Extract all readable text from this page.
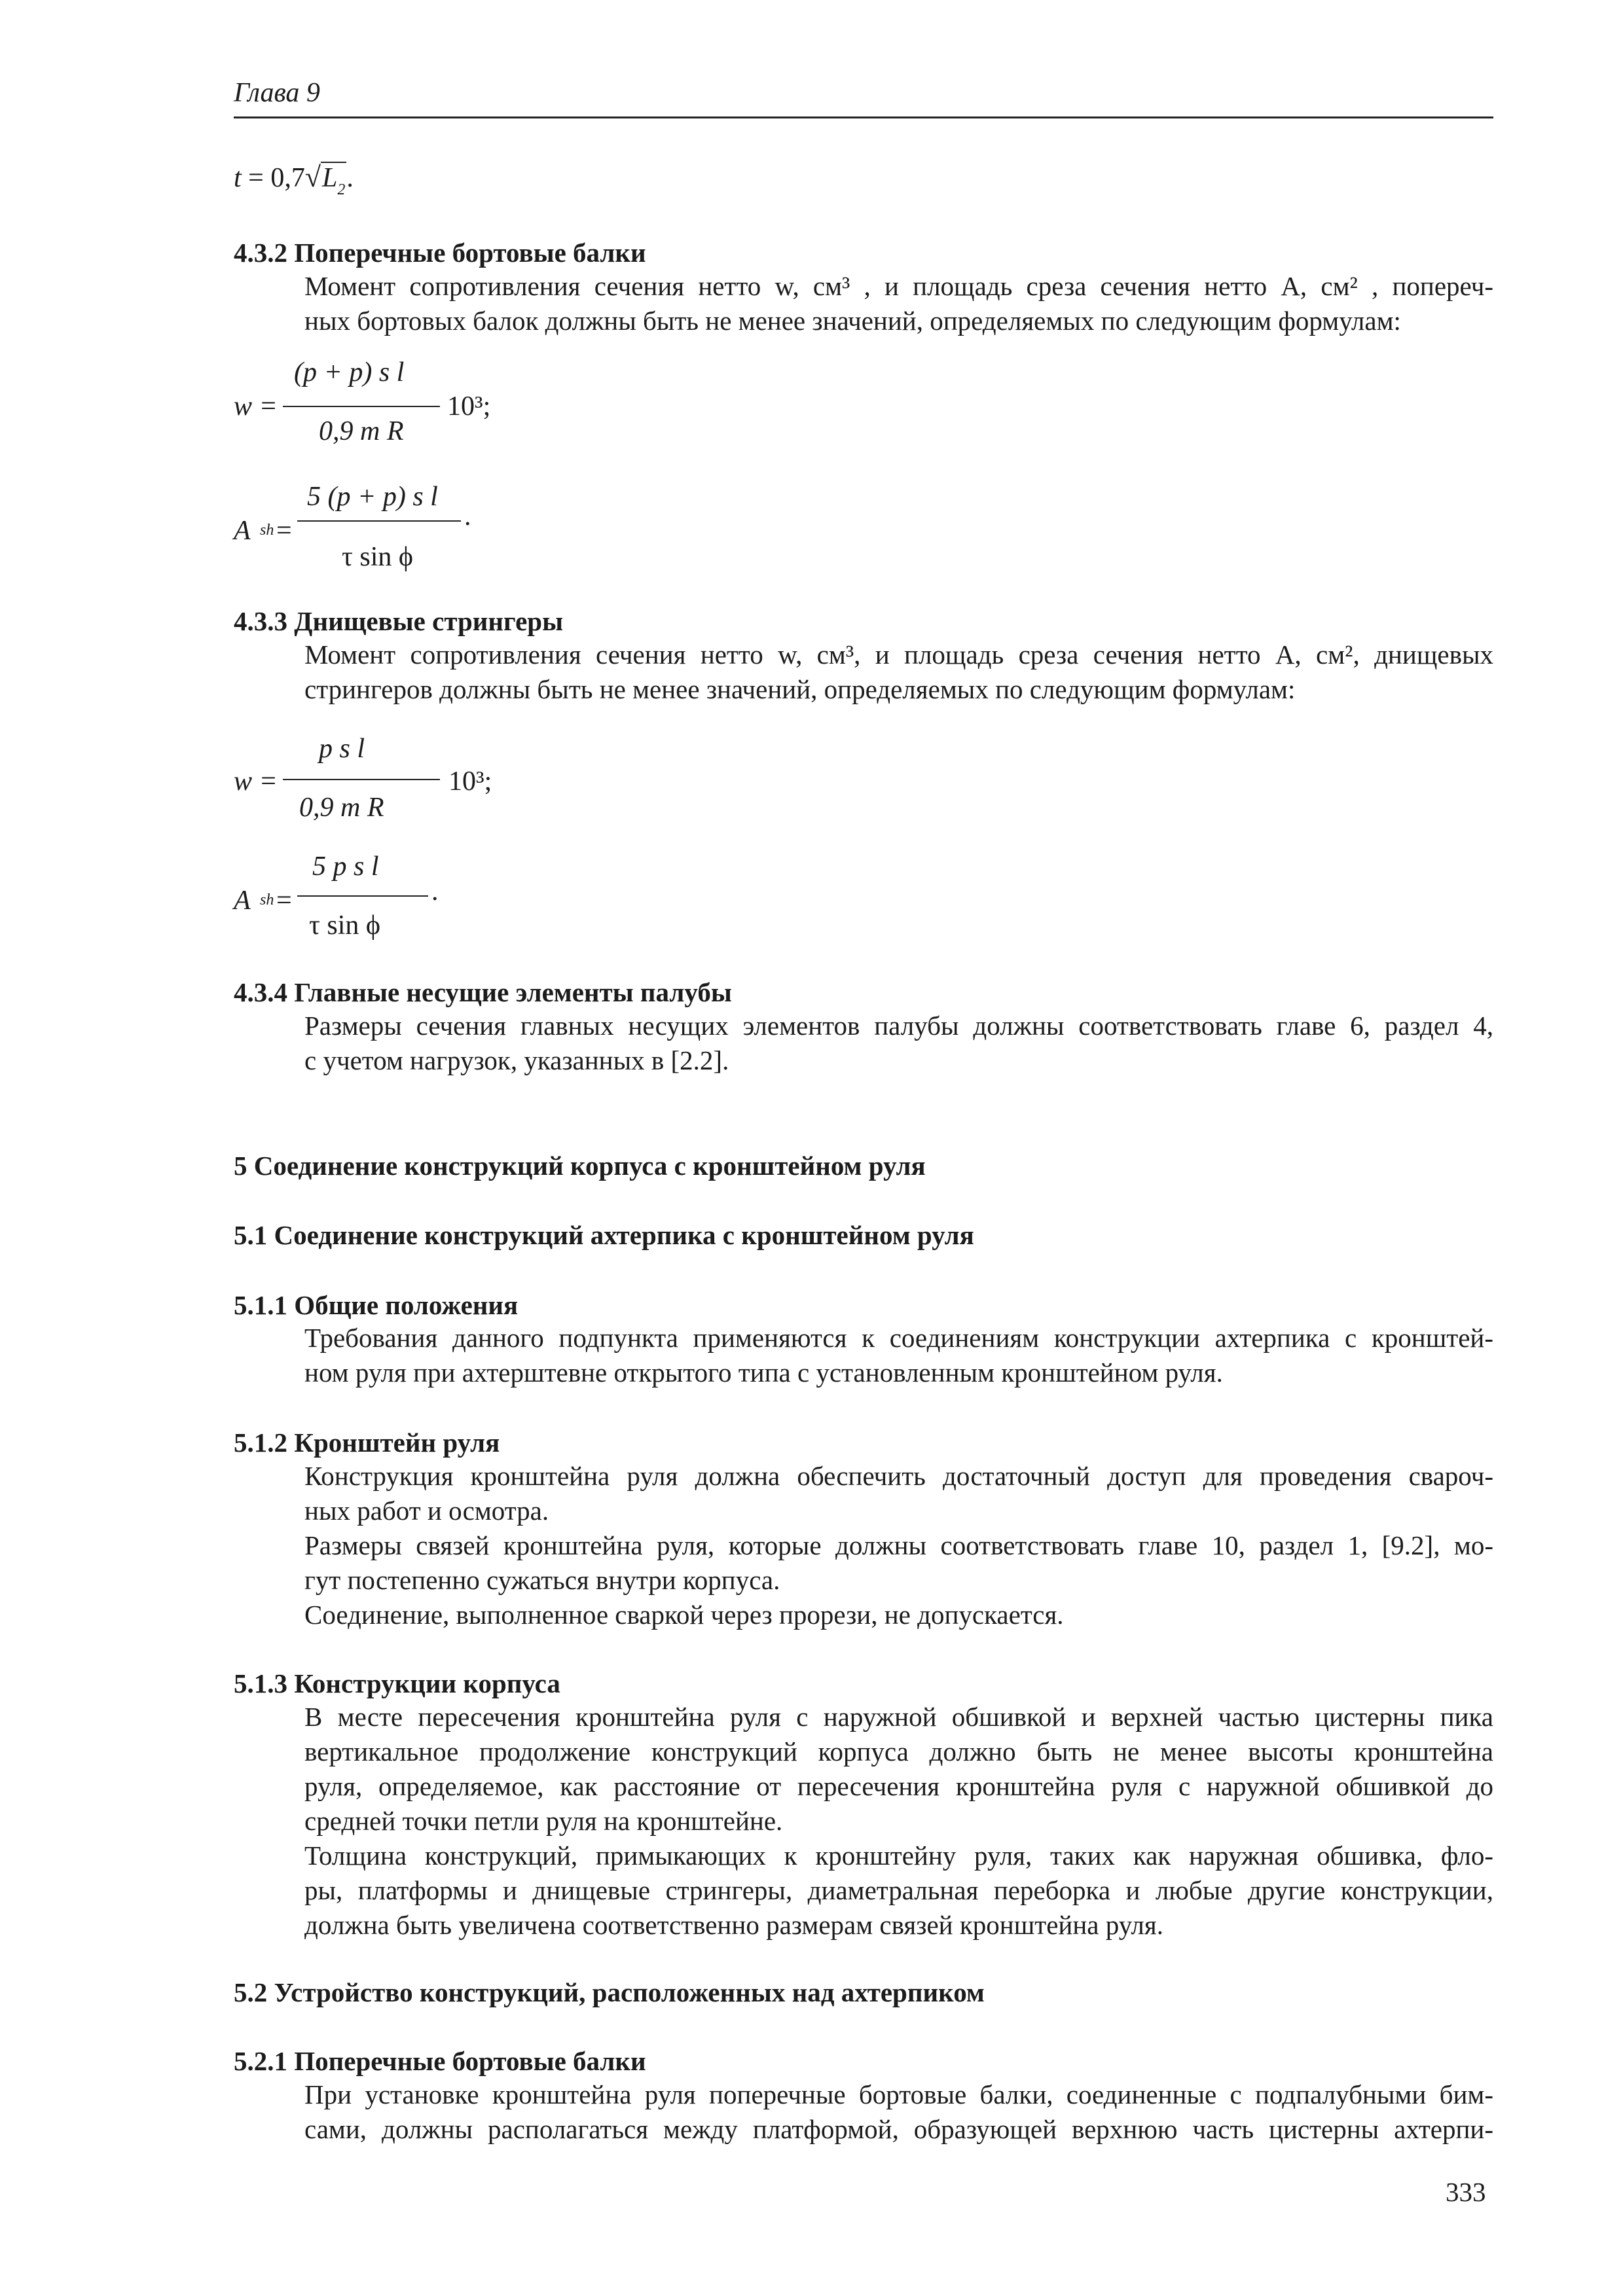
Глава 9
$t = 0,7√L_2$.
4.3.2 Поперечные бортовые балки

Момент сопротивления сечения нетто w, см³ , и площадь среза сечения нетто A, см² , попереч-

ных бортовых балок должны быть не менее значений, определяемых по следующим формулам:

w =
(p + p) s l
0,9 m R
10³;
A sh =
5 (p + p) s l
τ sin ϕ
.
4.3.3 Днищевые стрингеры

Момент сопротивления сечения нетто w, см³, и площадь среза сечения нетто A, см², днищевых

стрингеров должны быть не менее значений, определяемых по следующим формулам:

w =
p s l
0,9 m R
10³;
A sh =
5 p s l
τ sin ϕ
.
4.3.4 Главные несущие элементы палубы

Размеры сечения главных несущих элементов палубы должны соответствовать главе 6, раздел 4,

с учетом нагрузок, указанных в [2.2].

5 Соединение конструкций корпуса с кронштейном руля
5.1 Соединение конструкций ахтерпика с кронштейном руля
5.1.1 Общие положения

Требования данного подпункта применяются к соединениям конструкции ахтерпика с кронштей-

ном руля при ахтерштевне открытого типа с установленным кронштейном руля.

5.1.2 Кронштейн руля

Конструкция кронштейна руля должна обеспечить достаточный доступ для проведения свароч-

ных работ и осмотра.

Размеры связей кронштейна руля, которые должны соответствовать главе 10, раздел 1, [9.2], мо-

гут постепенно сужаться внутри корпуса.

Соединение, выполненное сваркой через прорези, не допускается.

5.1.3 Конструкции корпуса

В месте пересечения кронштейна руля с наружной обшивкой и верхней частью цистерны пика

вертикальное продолжение конструкций корпуса должно быть не менее высоты кронштейна

руля, определяемое, как расстояние от пересечения кронштейна руля с наружной обшивкой до

средней точки петли руля на кронштейне.

Толщина конструкций, примыкающих к кронштейну руля, таких как наружная обшивка, фло-

ры, платформы и днищевые стрингеры, диаметральная переборка и любые другие конструкции,

должна быть увеличена соответственно размерам связей кронштейна руля.

5.2 Устройство конструкций, расположенных над ахтерпиком
5.2.1 Поперечные бортовые балки

При установке кронштейна руля поперечные бортовые балки, соединенные с подпалубными бим-

сами, должны располагаться между платформой, образующей верхнюю часть цистерны ахтерпи-

333
